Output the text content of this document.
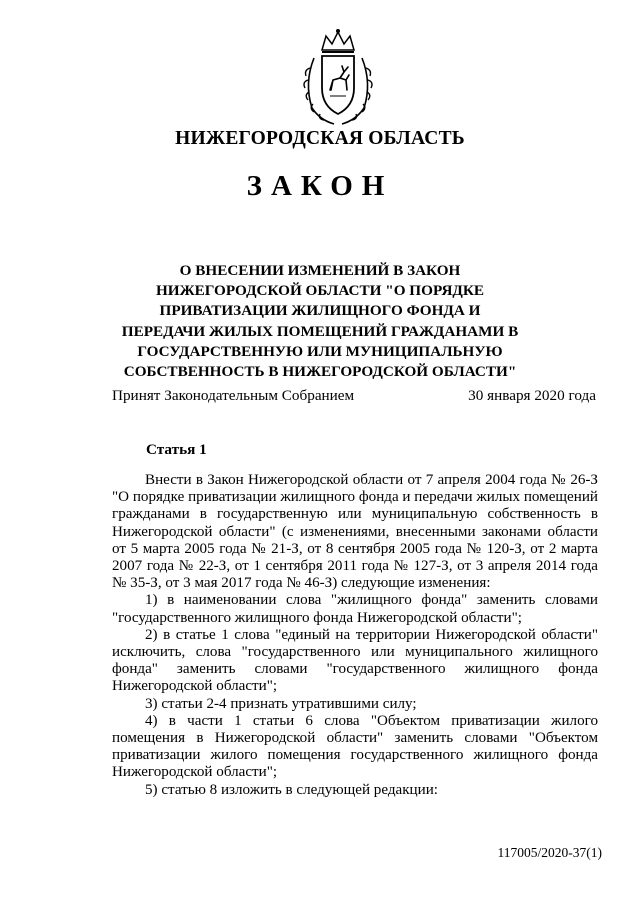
НИЖЕГОРОДСКАЯ ОБЛАСТЬ
ЗАКОН
О ВНЕСЕНИИ ИЗМЕНЕНИЙ В ЗАКОН НИЖЕГОРОДСКОЙ ОБЛАСТИ "О ПОРЯДКЕ ПРИВАТИЗАЦИИ ЖИЛИЩНОГО ФОНДА И ПЕРЕДАЧИ ЖИЛЫХ ПОМЕЩЕНИЙ ГРАЖДАНАМИ В ГОСУДАРСТВЕННУЮ ИЛИ МУНИЦИПАЛЬНУЮ СОБСТВЕННОСТЬ В НИЖЕГОРОДСКОЙ ОБЛАСТИ"
Принят Законодательным Собранием	30 января 2020 года
Статья 1

Внести в Закон Нижегородской области от 7 апреля 2004 года № 26-З "О порядке приватизации жилищного фонда и передачи жилых помещений гражданами в государственную или муниципальную собственность в Нижегородской области" (с изменениями, внесенными законами области от 5 марта 2005 года № 21-З, от 8 сентября 2005 года № 120-З, от 2 марта 2007 года № 22-З, от 1 сентября 2011 года № 127-З, от 3 апреля 2014 года № 35-З, от 3 мая 2017 года № 46-З) следующие изменения:

1) в наименовании слова "жилищного фонда" заменить словами "государственного жилищного фонда Нижегородской области";

2) в статье 1 слова "единый на территории Нижегородской области" исключить, слова "государственного или муниципального жилищного фонда" заменить словами "государственного жилищного фонда Нижегородской области";

3) статьи 2-4 признать утратившими силу;

4) в части 1 статьи 6 слова "Объектом приватизации жилого помещения в Нижегородской области" заменить словами "Объектом приватизации жилого помещения государственного жилищного фонда Нижегородской области";

5) статью 8 изложить в следующей редакции:

117005/2020-37(1)
